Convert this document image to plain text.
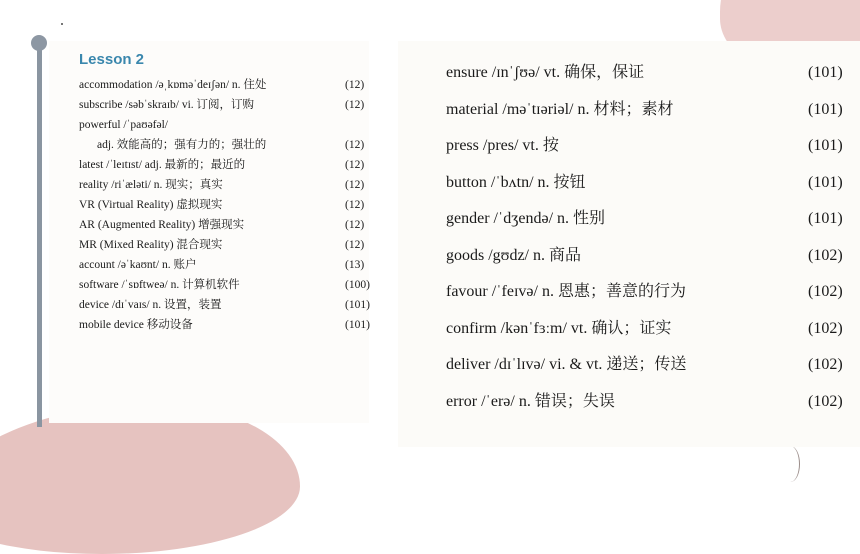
Lesson 2
accommodation /əˌkɒməˈdeɪʃən/ n. 住处	(12)
subscribe /səbˈskraɪb/ vi. 订阅，订购	(12)
powerful /ˈpaʊəfəl/
adj. 效能高的；强有力的；强壮的	(12)
latest /ˈleɪtɪst/ adj. 最新的；最近的	(12)
reality /riˈæləti/ n. 现实；真实	(12)
VR (Virtual Reality) 虚拟现实	(12)
AR (Augmented Reality) 增强现实	(12)
MR (Mixed Reality) 混合现实	(12)
account /əˈkaʊnt/ n. 账户	(13)
software /ˈsɒftweə/ n. 计算机软件	(100)
device /dɪˈvaɪs/ n. 设置，装置	(101)
mobile device 移动设备	(101)
ensure /ɪnˈʃʊə/ vt. 确保，保证	(101)
material /məˈtɪəriəl/ n. 材料；素材	(101)
press /pres/ vt. 按	(101)
button /ˈbʌtn/ n. 按钮	(101)
gender /ˈdʒendə/ n. 性别	(101)
goods /gʊdz/ n. 商品	(102)
favour /ˈfeɪvə/ n. 恩惠；善意的行为	(102)
confirm /kənˈfɜːm/ vt. 确认；证实	(102)
deliver /dɪˈlɪvə/ vi. & vt. 递送；传送	(102)
error /ˈerə/ n. 错误；失误	(102)
